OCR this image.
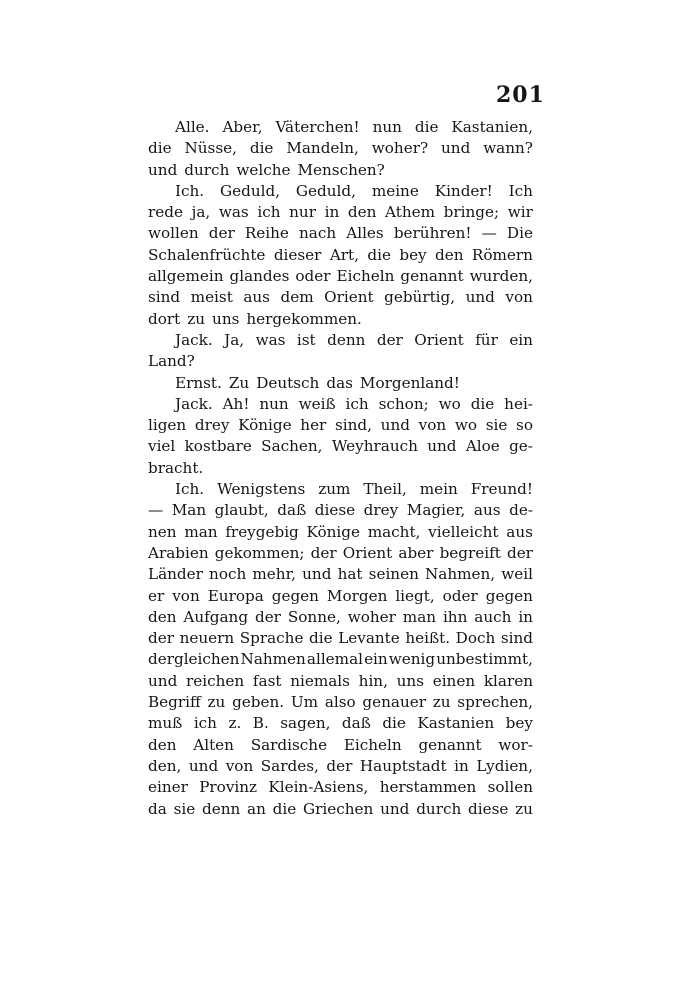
201
Alle. Aber, Väterchen! nun die Kastanien,
die Nüsse, die Mandeln, woher? und wann?
und durch welche Menschen?
Ich. Geduld, Geduld, meine Kinder! Ich
rede ja, was ich nur in den Athem bringe; wir
wollen der Reihe nach Alles berühren! — Die
Schalenfrüchte dieser Art, die bey den Römern
allgemein glandes oder Eicheln genannt wurden,
sind meist aus dem Orient gebürtig, und von
dort zu uns hergekommen.
Jack. Ja, was ist denn der Orient für ein
Land?
Ernst. Zu Deutsch das Morgenland!
Jack. Ah! nun weiß ich schon; wo die hei-
ligen drey Könige her sind, und von wo sie so
viel kostbare Sachen, Weyhrauch und Aloe ge-
bracht.
Ich. Wenigstens zum Theil, mein Freund!
— Man glaubt, daß diese drey Magier, aus de-
nen man freygebig Könige macht, vielleicht aus
Arabien gekommen; der Orient aber begreift der
Länder noch mehr, und hat seinen Nahmen, weil
er von Europa gegen Morgen liegt, oder gegen
den Aufgang der Sonne, woher man ihn auch in
der neuern Sprache die Levante heißt. Doch sind
dergleichen Nahmen allemal ein wenig unbestimmt,
und reichen fast niemals hin, uns einen klaren
Begriff zu geben. Um also genauer zu sprechen,
muß ich z. B. sagen, daß die Kastanien bey
den Alten Sardische Eicheln genannt wor-
den, und von Sardes, der Hauptstadt in Lydien,
einer Provinz Klein-Asiens, herstammen sollen
da sie denn an die Griechen und durch diese zu
